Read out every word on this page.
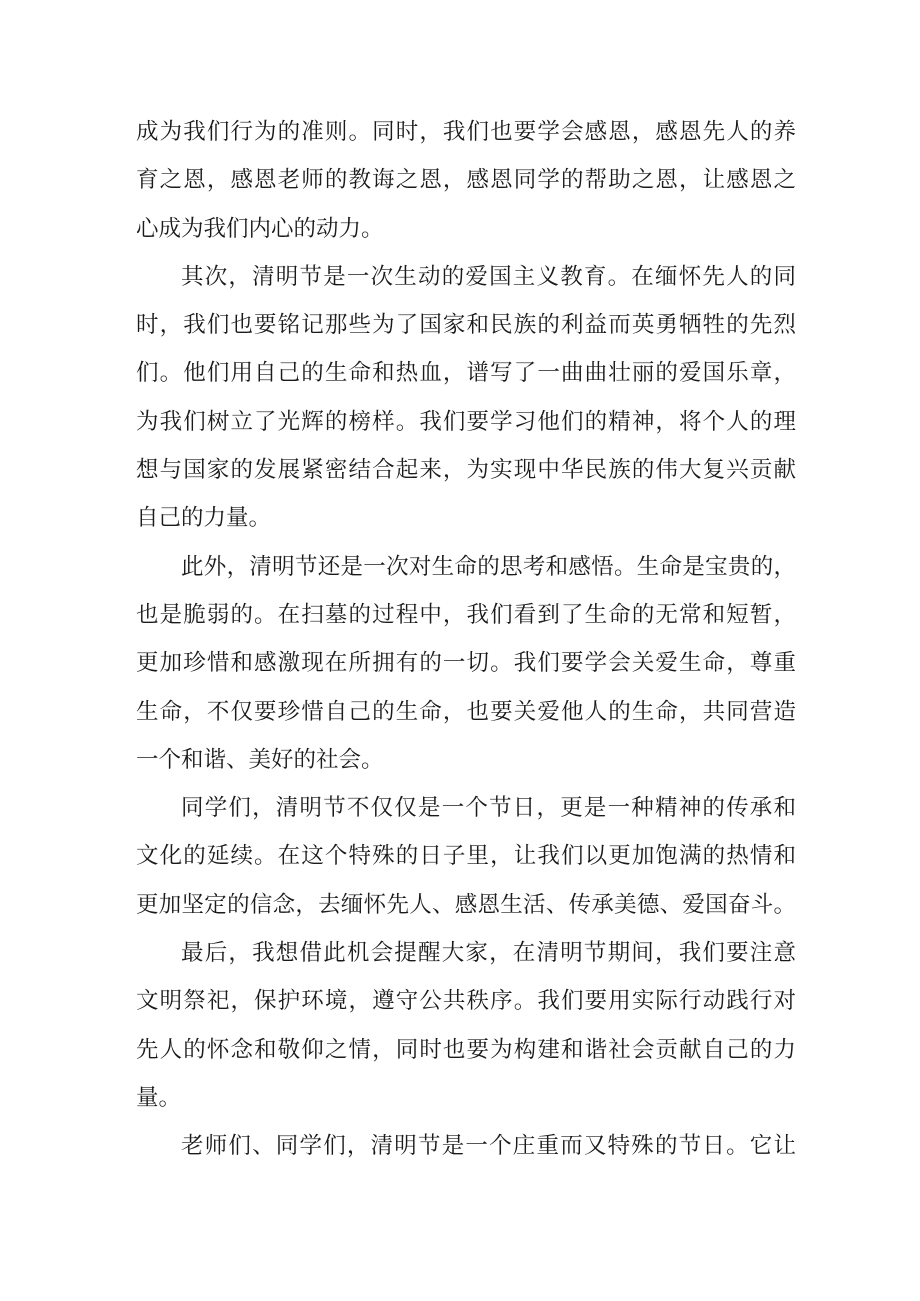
成为我们行为的准则。同时，我们也要学会感恩，感恩先人的养
育之恩，感恩老师的教诲之恩，感恩同学的帮助之恩，让感恩之
心成为我们内心的动力。
其次，清明节是一次生动的爱国主义教育。在缅怀先人的同
时，我们也要铭记那些为了国家和民族的利益而英勇牺牲的先烈
们。他们用自己的生命和热血，谱写了一曲曲壮丽的爱国乐章，
为我们树立了光辉的榜样。我们要学习他们的精神，将个人的理
想与国家的发展紧密结合起来，为实现中华民族的伟大复兴贡献
自己的力量。
此外，清明节还是一次对生命的思考和感悟。生命是宝贵的，
也是脆弱的。在扫墓的过程中，我们看到了生命的无常和短暂，
更加珍惜和感激现在所拥有的一切。我们要学会关爱生命，尊重
生命，不仅要珍惜自己的生命，也要关爱他人的生命，共同营造
一个和谐、美好的社会。
同学们，清明节不仅仅是一个节日，更是一种精神的传承和
文化的延续。在这个特殊的日子里，让我们以更加饱满的热情和
更加坚定的信念，去缅怀先人、感恩生活、传承美德、爱国奋斗。
最后，我想借此机会提醒大家，在清明节期间，我们要注意
文明祭祀，保护环境，遵守公共秩序。我们要用实际行动践行对
先人的怀念和敬仰之情，同时也要为构建和谐社会贡献自己的力
量。
老师们、同学们，清明节是一个庄重而又特殊的节日。它让
